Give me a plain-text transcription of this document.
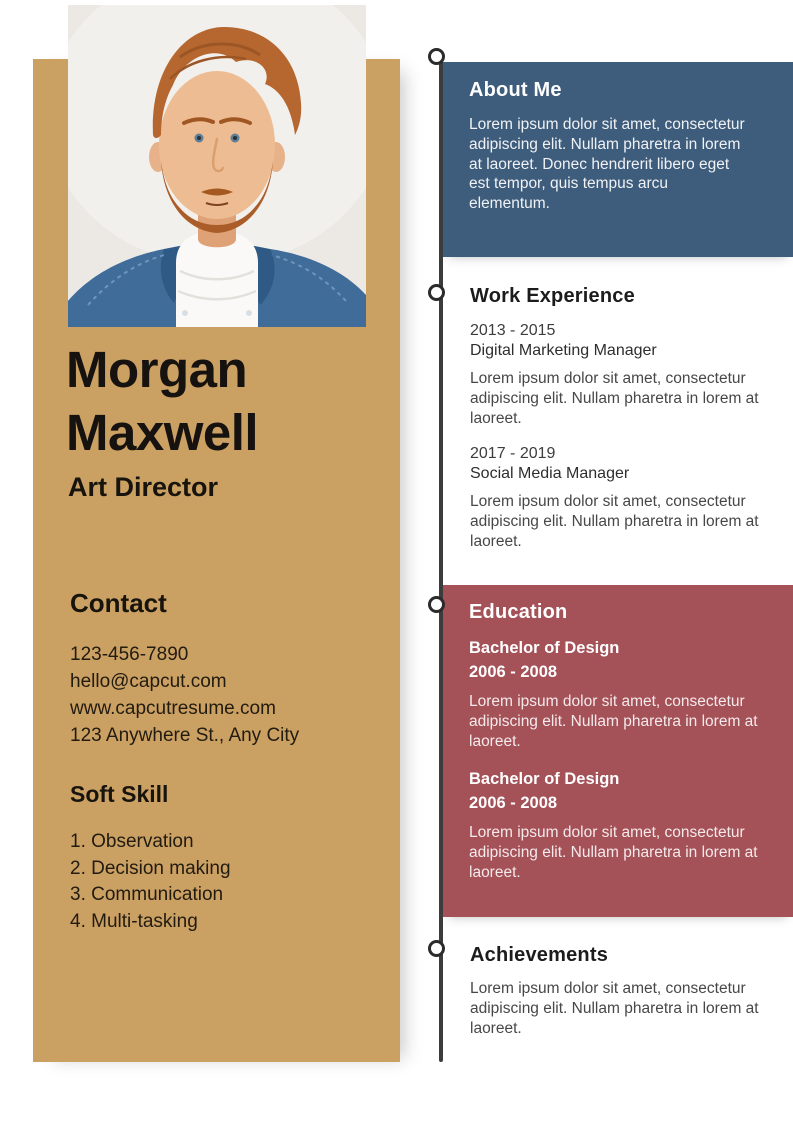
Morgan
Maxwell
Art Director
Contact
123-456-7890
hello@capcut.com
www.capcutresume.com
123 Anywhere St., Any City
Soft Skill
1. Observation
2. Decision making
3. Communication
4. Multi-tasking
About Me

Lorem ipsum dolor sit amet, consectetur adipiscing elit. Nullam pharetra in lorem at laoreet. Donec hendrerit libero eget est tempor, quis tempus arcu elementum.

Work Experience
2013 - 2015
Digital Marketing Manager

Lorem ipsum dolor sit amet, consectetur adipiscing elit. Nullam pharetra in lorem at laoreet.

2017 - 2019
Social Media Manager

Lorem ipsum dolor sit amet, consectetur adipiscing elit. Nullam pharetra in lorem at laoreet.

Education
Bachelor of Design
2006 - 2008

Lorem ipsum dolor sit amet, consectetur adipiscing elit. Nullam pharetra in lorem at laoreet.

Bachelor of Design
2006 - 2008

Lorem ipsum dolor sit amet, consectetur adipiscing elit. Nullam pharetra in lorem at laoreet.

Achievements

Lorem ipsum dolor sit amet, consectetur adipiscing elit. Nullam pharetra in lorem at laoreet.
